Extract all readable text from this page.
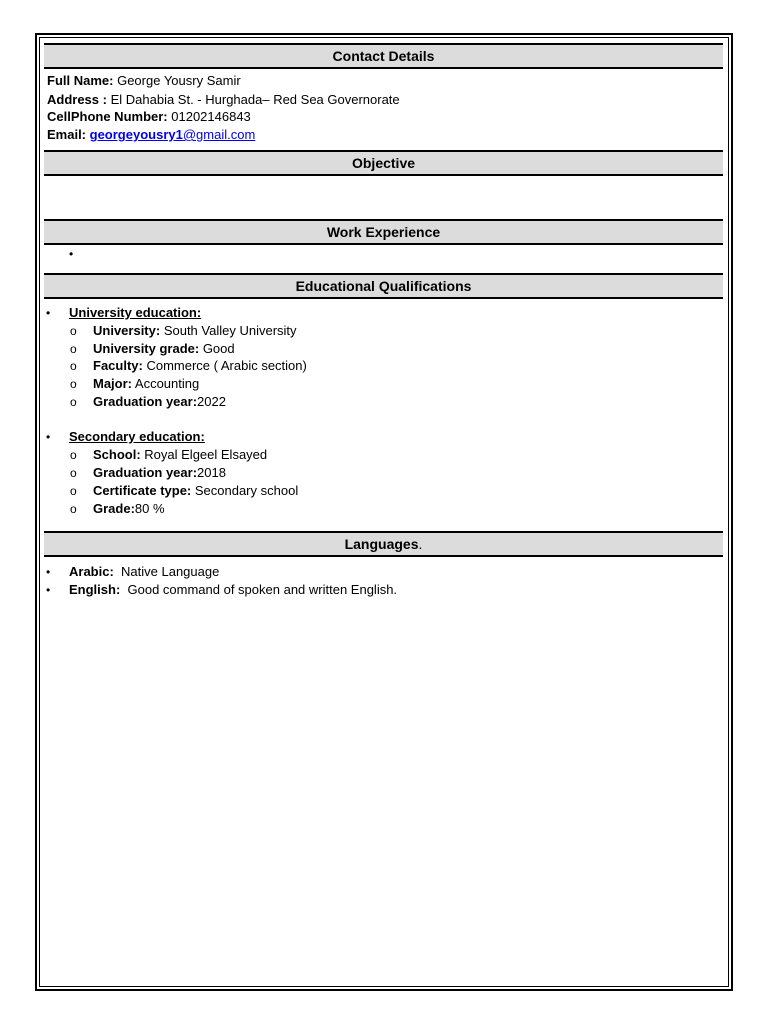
Contact Details
Full Name: George Yousry Samir
Address : El Dahabia St. - Hurghada– Red Sea Governorate
CellPhone Number: 01202146843
Email: georgeyousry1@gmail.com
Objective
Work Experience
•
Educational Qualifications
• University education:
o University: South Valley University
o University grade: Good
o Faculty: Commerce ( Arabic section)
o Major: Accounting
o Graduation year:2022
• Secondary education:
o School: Royal Elgeel Elsayed
o Graduation year:2018
o Certificate type: Secondary school
o Grade:80 %
Languages .
• Arabic:  Native Language
• English:  Good command of spoken and written English.
